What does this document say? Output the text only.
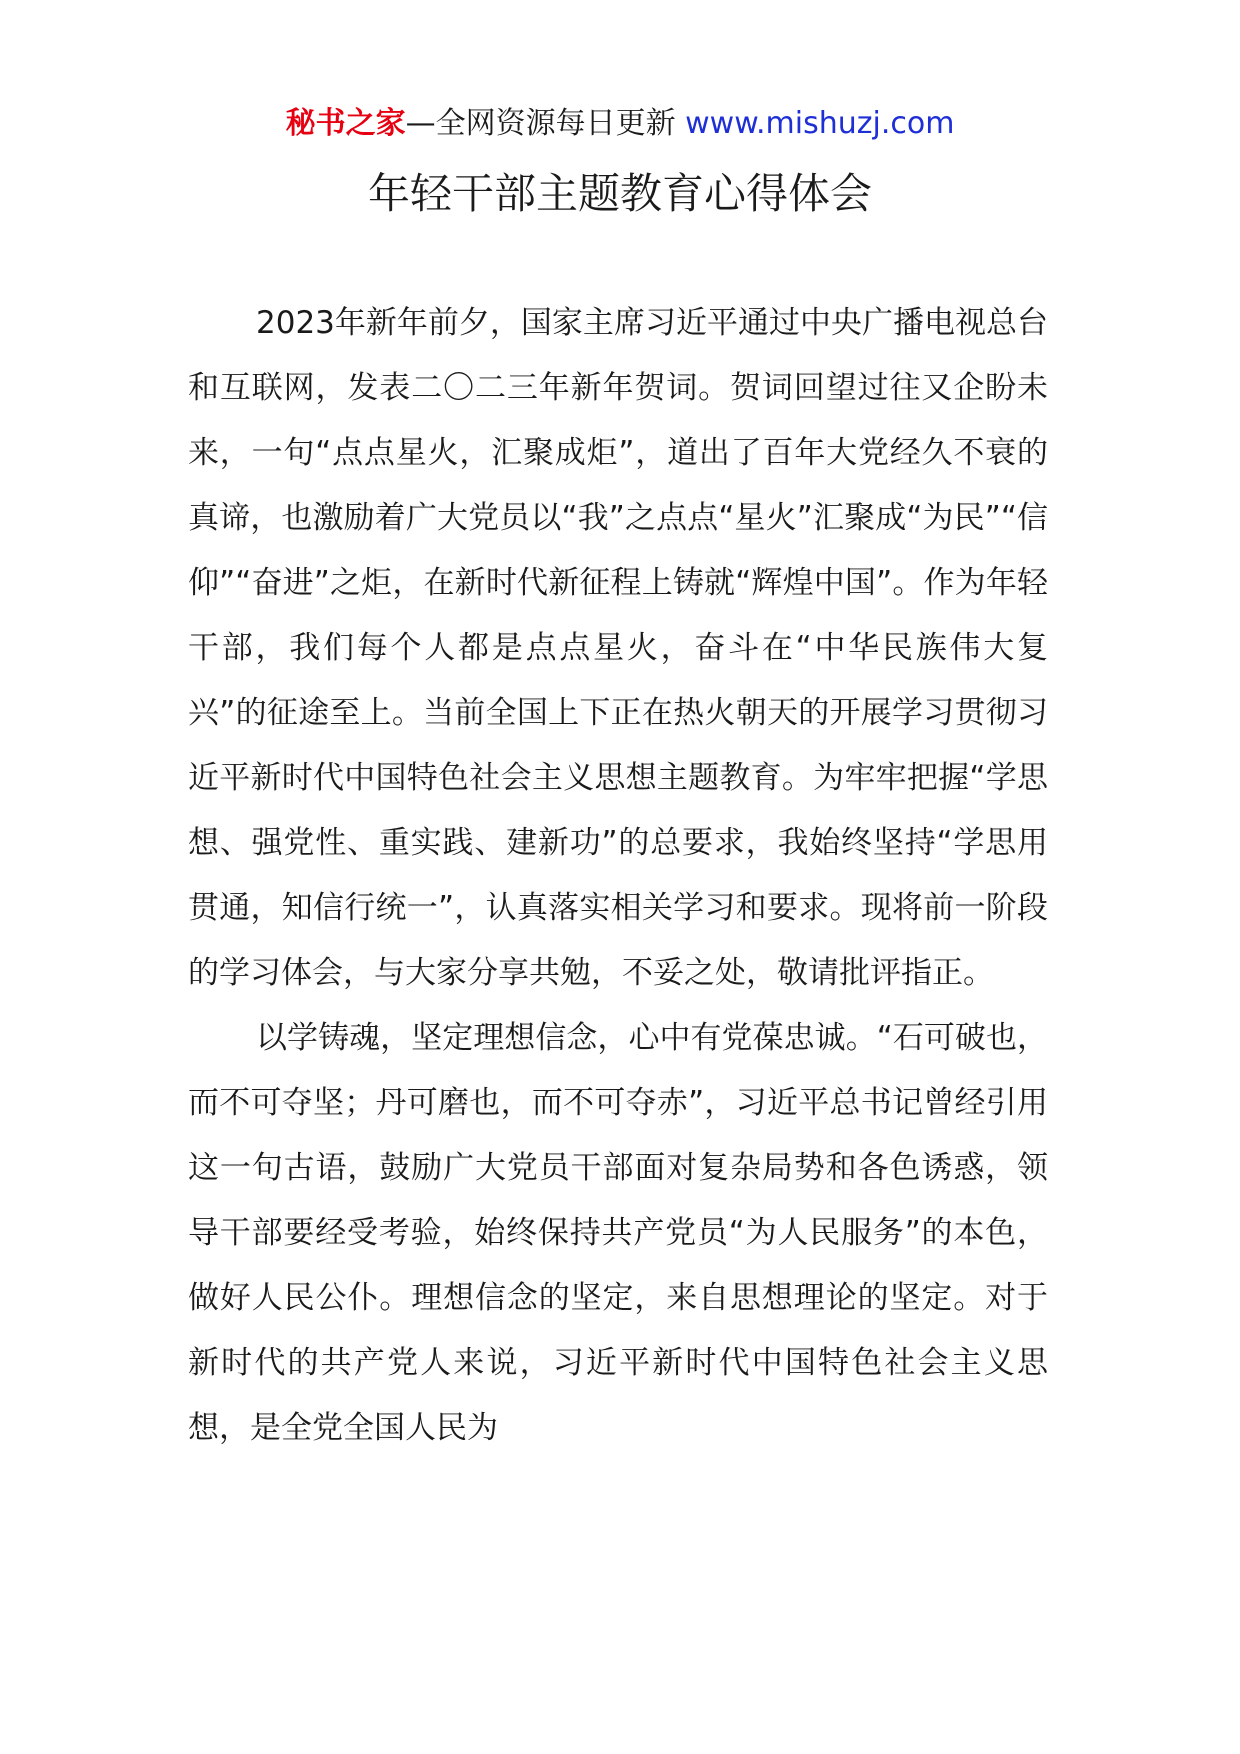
秘书之家—全网资源每日更新 www.mishuzj.com
年轻干部主题教育心得体会

2023年新年前夕，国家主席习近平通过中央广播电视总台和互联网，发表二〇二三年新年贺词。贺词回望过往又企盼未来，一句“点点星火，汇聚成炬”，道出了百年大党经久不衰的真谛，也激励着广大党员以“我”之点点“星火”汇聚成“为民”“信仰”“奋进”之炬，在新时代新征程上铸就“辉煌中国”。作为年轻干部，我们每个人都是点点星火，奋斗在“中华民族伟大复兴”的征途至上。当前全国上下正在热火朝天的开展学习贯彻习近平新时代中国特色社会主义思想主题教育。为牢牢把握“学思想、强党性、重实践、建新功”的总要求，我始终坚持“学思用贯通，知信行统一”，认真落实相关学习和要求。现将前一阶段的学习体会，与大家分享共勉，不妥之处，敬请批评指正。

以学铸魂，坚定理想信念，心中有党葆忠诚。“石可破也，而不可夺坚；丹可磨也，而不可夺赤”，习近平总书记曾经引用这一句古语，鼓励广大党员干部面对复杂局势和各色诱惑，领导干部要经受考验，始终保持共产党员“为人民服务”的本色，做好人民公仆。理想信念的坚定，来自思想理论的坚定。对于新时代的共产党人来说，习近平新时代中国特色社会主义思想，是全党全国人民为
